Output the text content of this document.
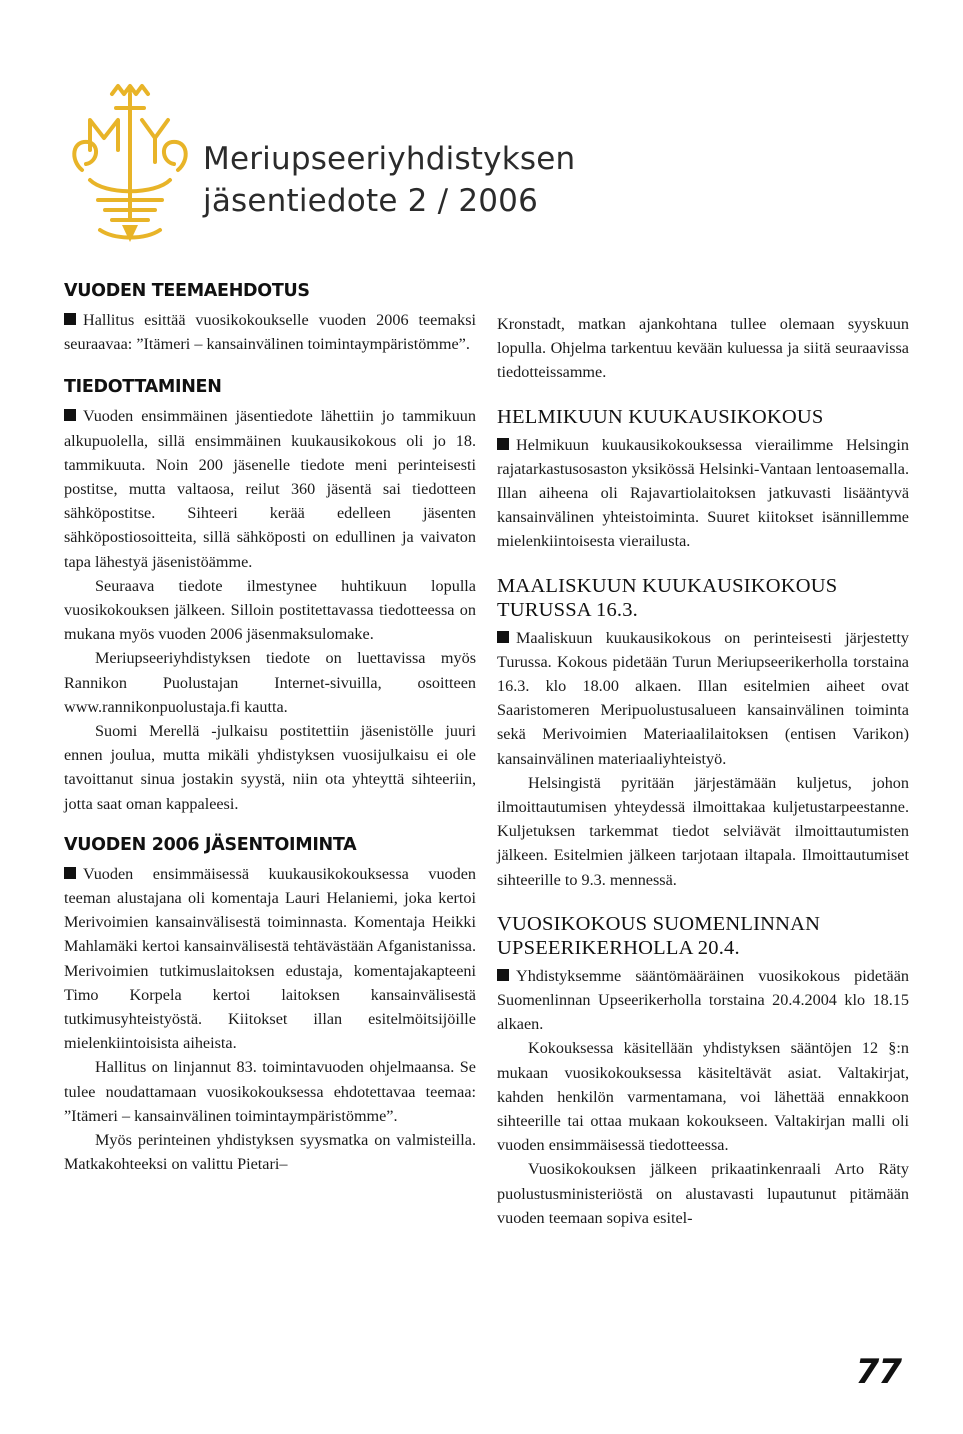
Meriupseeriyhdistyksen
jäsentiedote 2 / 2006
VUODEN TEEMAEHDOTUS

Hallitus esittää vuosikokoukselle vuoden 2006 teemaksi seuraavaa: ”Itämeri – kansainvälinen toimintaympäristömme”.

TIEDOTTAMINEN

Vuoden ensimmäinen jäsentiedote lähettiin jo tammikuun alkupuolella, sillä ensimmäinen kuukausikokous oli jo 18. tammikuuta. Noin 200 jäsenelle tiedote meni perinteisesti postitse, mutta valtaosa, reilut 360 jäsentä sai tiedotteen sähköpostitse. Sihteeri kerää edelleen jäsenten sähköpostiosoitteita, sillä sähköposti on edullinen ja vaivaton tapa lähestyä jäsenistöämme.

Seuraava tiedote ilmestynee huhtikuun lopulla vuosikokouksen jälkeen. Silloin postitettavassa tiedotteessa on mukana myös vuoden 2006 jäsenmaksulomake.

Meriupseeriyhdistyksen tiedote on luettavissa myös Rannikon Puolustajan Internet-sivuilla, osoitteen www.rannikonpuolustaja.fi kautta.

Suomi Merellä -julkaisu postitettiin jäsenistölle juuri ennen joulua, mutta mikäli yhdistyksen vuosijulkaisu ei ole tavoittanut sinua jostakin syystä, niin ota yhteyttä sihteeriin, jotta saat oman kappaleesi.

VUODEN 2006 JÄSENTOIMINTA

Vuoden ensimmäisessä kuukausikokouksessa vuoden teeman alustajana oli komentaja Lauri Helaniemi, joka kertoi Merivoimien kansainvälisestä toiminnasta. Komentaja Heikki Mahlamäki kertoi kansainvälisestä tehtävästään Afganistanissa. Merivoimien tutkimuslaitoksen edustaja, komentajakapteeni Timo Korpela kertoi laitoksen kansainvälisestä tutkimusyhteistyöstä. Kiitokset illan esitelmöitsijöille mielenkiintoisista aiheista.

Hallitus on linjannut 83. toimintavuoden ohjelmaansa. Se tulee noudattamaan vuosikokouksessa ehdotettavaa teemaa: ”Itämeri – kansainvälinen toimintaympäristömme”.

Myös perinteinen yhdistyksen syysmatka on valmisteilla. Matkakohteeksi on valittu Pietari–

Kronstadt, matkan ajankohtana tullee olemaan syyskuun lopulla. Ohjelma tarkentuu kevään kuluessa ja siitä seuraavissa tiedotteissamme.

HELMIKUUN KUUKAUSIKOKOUS

Helmikuun kuukausikokouksessa vierailimme Helsingin rajatarkastusosaston yksikössä Helsinki-Vantaan lentoasemalla. Illan aiheena oli Rajavartiolaitoksen jatkuvasti lisääntyvä kansainvälinen yhteistoiminta. Suuret kiitokset isännillemme mielenkiintoisesta vierailusta.

MAALISKUUN KUUKAUSIKOKOUS
TURUSSA 16.3.

Maaliskuun kuukausikokous on perinteisesti järjestetty Turussa. Kokous pidetään Turun Meriupseerikerholla torstaina 16.3. klo 18.00 alkaen. Illan esitelmien aiheet ovat Saaristomeren Meripuolustusalueen kansainvälinen toiminta sekä Merivoimien Materiaalilaitoksen (entisen Varikon) kansainvälinen materiaaliyhteistyö.

Helsingistä pyritään järjestämään kuljetus, johon ilmoittautumisen yhteydessä ilmoittakaa kuljetustarpeestanne. Kuljetuksen tarkemmat tiedot selviävät ilmoittautumisten jälkeen. Esitelmien jälkeen tarjotaan iltapala. Ilmoittautumiset sihteerille to 9.3. mennessä.

VUOSIKOKOUS SUOMENLINNAN
UPSEERIKERHOLLA 20.4.

Yhdistyksemme sääntömääräinen vuosikokous pidetään Suomenlinnan Upseerikerholla torstaina 20.4.2004 klo 18.15 alkaen.

Kokouksessa käsitellään yhdistyksen sääntöjen 12 §:n mukaan vuosikokouksessa käsiteltävät asiat. Valtakirjat, kahden henkilön varmentamana, voi lähettää ennakkoon sihteerille tai ottaa mukaan kokoukseen. Valtakirjan malli oli vuoden ensimmäisessä tiedotteessa.

Vuosikokouksen jälkeen prikaatinkenraali Arto Räty puolustusministeriöstä on alustavasti lupautunut pitämään vuoden teemaan sopiva esitel-

77
